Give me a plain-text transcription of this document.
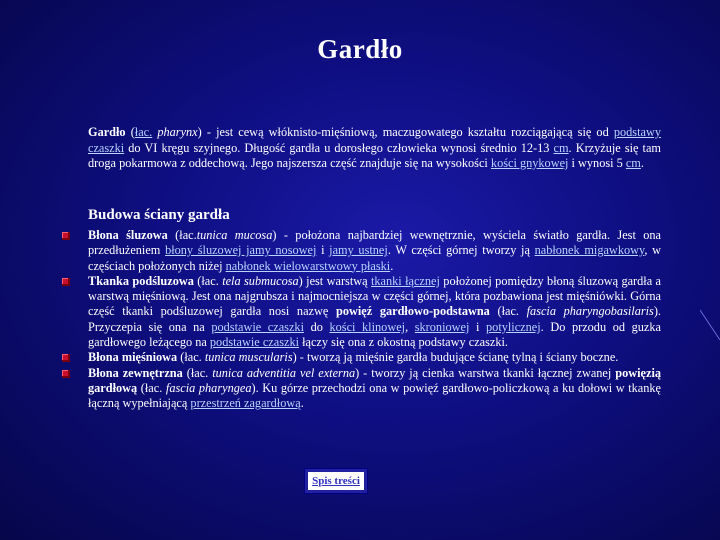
Gardło
Gardło (łac. pharynx) - jest cewą włóknisto-mięśniową, maczugowatego kształtu rozciągającą się od podstawy czaszki do VI kręgu szyjnego. Długość gardła u dorosłego człowieka wynosi średnio 12-13 cm. Krzyżuje się tam droga pokarmowa z oddechową. Jego najszersza część znajduje się na wysokości kości gnykowej i wynosi 5 cm.
Budowa ściany gardła
Błona śluzowa (łac.tunica mucosa) - położona najbardziej wewnętrznie, wyściela światło gardła. Jest ona przedłużeniem błony śluzowej jamy nosowej i jamy ustnej. W części górnej tworzy ją nabłonek migawkowy, w częściach położonych niżej nabłonek wielowarstwowy płaski.
Tkanka podśluzowa (łac. tela submucosa) jest warstwą tkanki łącznej położonej pomiędzy błoną śluzową gardła a warstwą mięśniową. Jest ona najgrubsza i najmocniejsza w części górnej, która pozbawiona jest mięśniówki. Górna część tkanki podśluzowej gardła nosi nazwę powięź gardłowo-podstawna (łac. fascia pharyngobasilaris). Przyczepia się ona na podstawie czaszki do kości klinowej, skroniowej i potylicznej. Do przodu od guzka gardłowego leżącego na podstawie czaszki łączy się ona z okostną podstawy czaszki.
Błona mięśniowa (łac. tunica muscularis) - tworzą ją mięśnie gardła budujące ścianę tylną i ściany boczne.
Błona zewnętrzna (łac. tunica adventitia vel externa) - tworzy ją cienka warstwa tkanki łącznej zwanej powięzią gardłową (łac. fascia pharyngea). Ku górze przechodzi ona w powięź gardłowo-policzkową a ku dołowi w tkankę łączną wypełniającą przestrzeń zagardłową.
Spis treści
